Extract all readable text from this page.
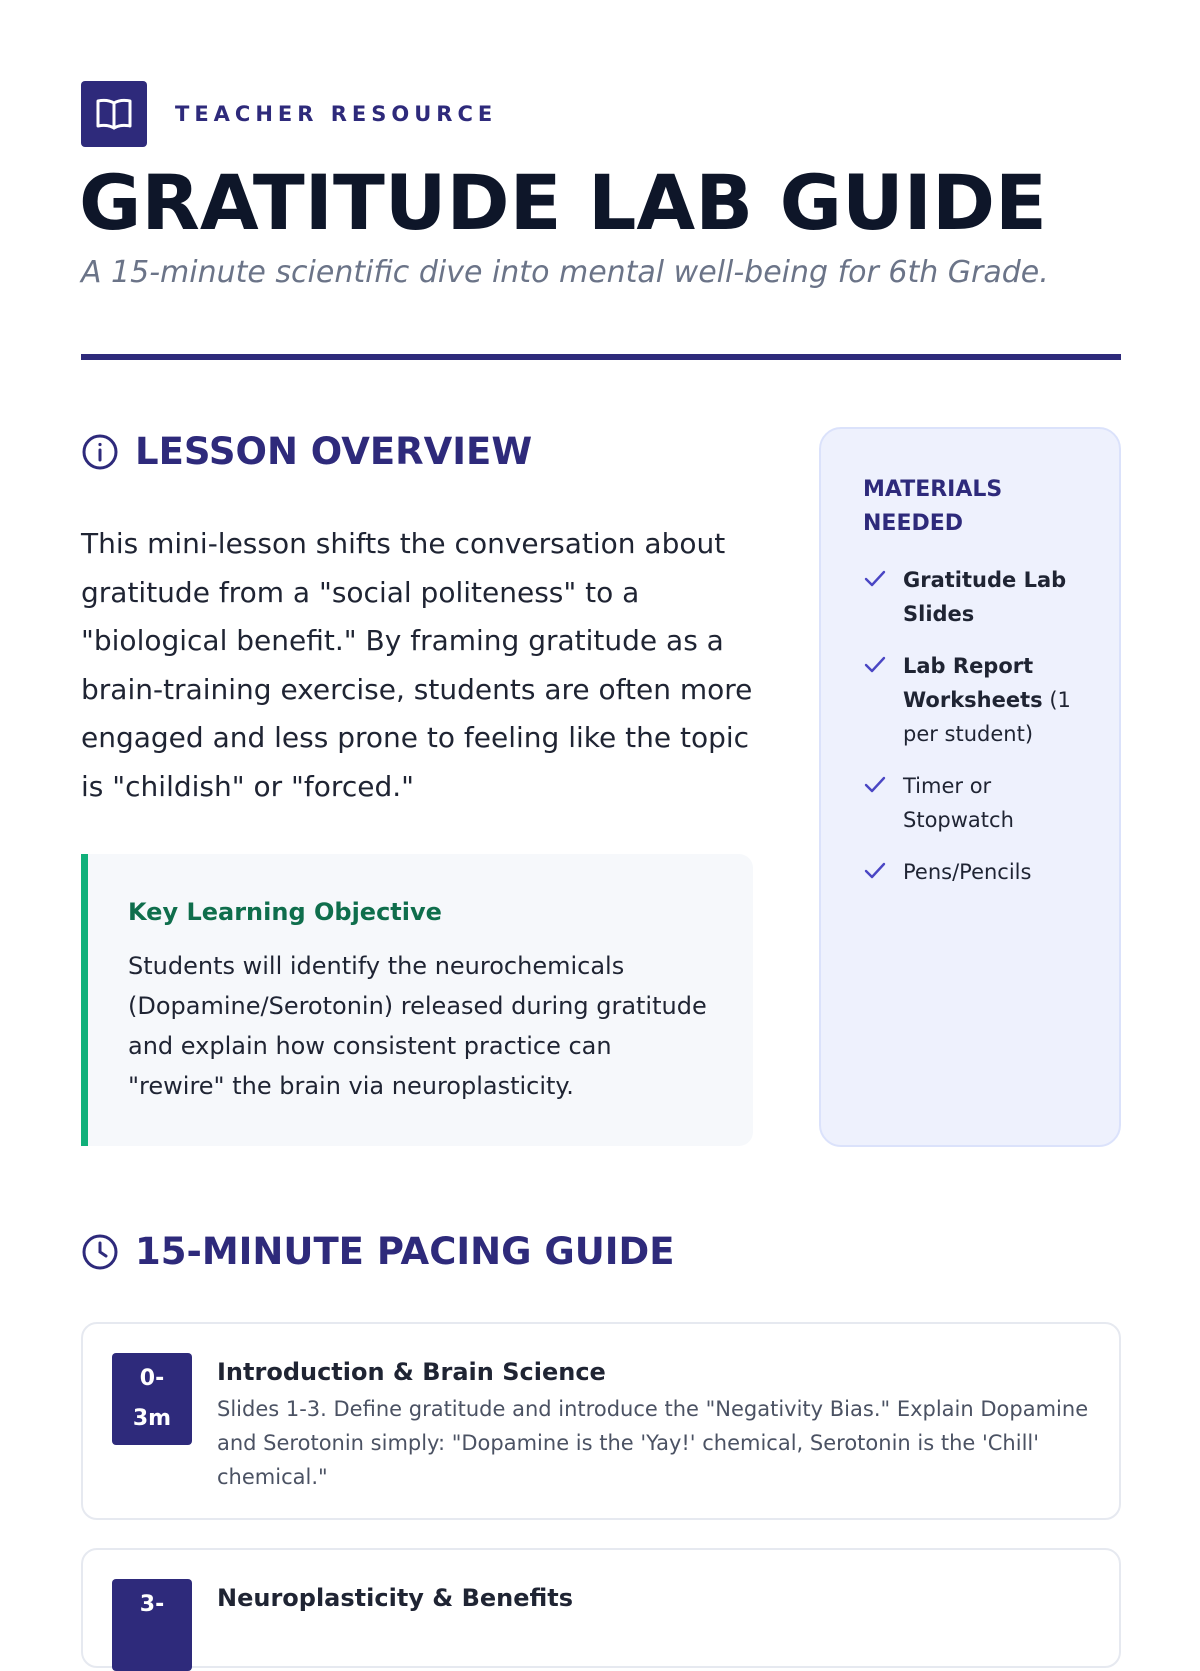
TEACHER RESOURCE
GRATITUDE LAB GUIDE
A 15-minute scientific dive into mental well-being for 6th Grade.
LESSON OVERVIEW

This mini-lesson shifts the conversation about gratitude from a "social politeness" to a "biological benefit." By framing gratitude as a brain-training exercise, students are often more engaged and less prone to feeling like the topic is "childish" or "forced."

Key Learning Objective
Students will identify the neurochemicals (Dopamine/Serotonin) released during gratitude and explain how consistent practice can "rewire" the brain via neuroplasticity.
MATERIALS NEEDED
Gratitude Lab Slides
Lab Report Worksheets (1 per student)
Timer or Stopwatch
Pens/Pencils
15-MINUTE PACING GUIDE
0-
3m
Introduction & Brain Science
Slides 1-3. Define gratitude and introduce the "Negativity Bias." Explain Dopamine and Serotonin simply: "Dopamine is the 'Yay!' chemical, Serotonin is the 'Chill' chemical."
3-	Neuroplasticity & Benefits
